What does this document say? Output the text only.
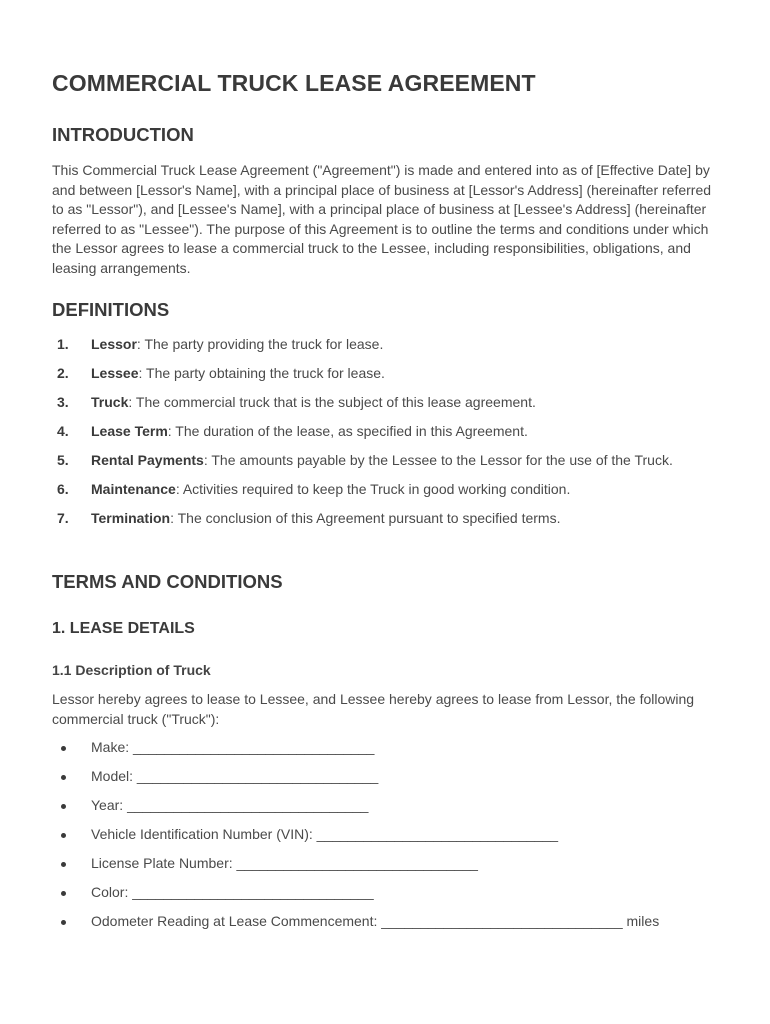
COMMERCIAL TRUCK LEASE AGREEMENT
INTRODUCTION

This Commercial Truck Lease Agreement ("Agreement") is made and entered into as of [Effective Date] by and between [Lessor's Name], with a principal place of business at [Lessor's Address] (hereinafter referred to as "Lessor"), and [Lessee's Name], with a principal place of business at [Lessee's Address] (hereinafter referred to as "Lessee"). The purpose of this Agreement is to outline the terms and conditions under which the Lessor agrees to lease a commercial truck to the Lessee, including responsibilities, obligations, and leasing arrangements.

DEFINITIONS
1. Lessor: The party providing the truck for lease.
2. Lessee: The party obtaining the truck for lease.
3. Truck: The commercial truck that is the subject of this lease agreement.
4. Lease Term: The duration of the lease, as specified in this Agreement.
5. Rental Payments: The amounts payable by the Lessee to the Lessor for the use of the Truck.
6. Maintenance: Activities required to keep the Truck in good working condition.
7. Termination: The conclusion of this Agreement pursuant to specified terms.
TERMS AND CONDITIONS
1. LEASE DETAILS
1.1 Description of Truck

Lessor hereby agrees to lease to Lessee, and Lessee hereby agrees to lease from Lessor, the following commercial truck ("Truck"):

Make: _______________________________
Model: _______________________________
Year: _______________________________
Vehicle Identification Number (VIN): _______________________________
License Plate Number: _______________________________
Color: _______________________________
Odometer Reading at Lease Commencement: _______________________________ miles
